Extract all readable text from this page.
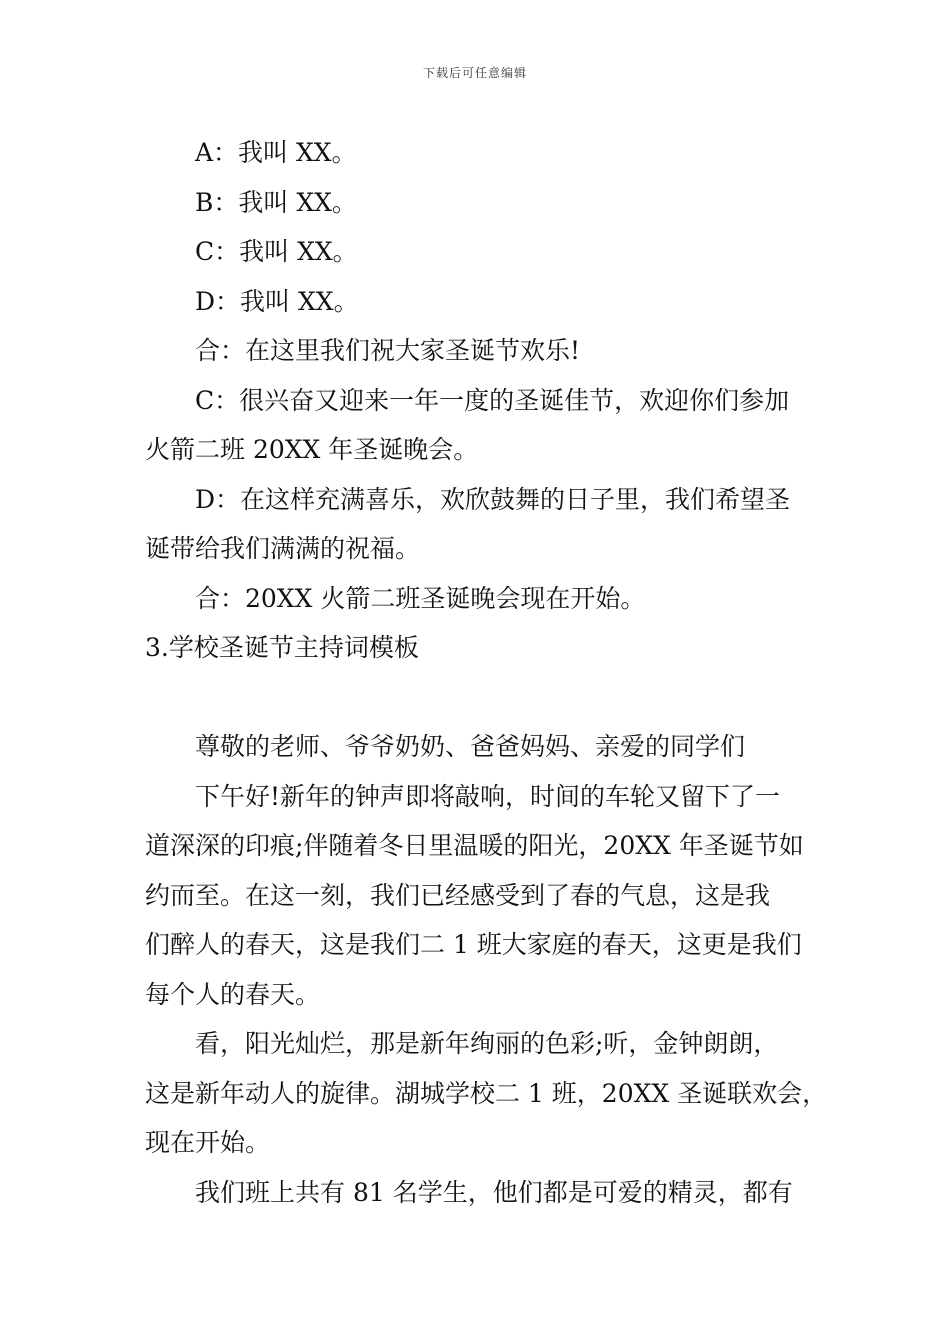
下载后可任意编辑
A：我叫 XX。
B：我叫 XX。
C：我叫 XX。
D：我叫 XX。
合：在这里我们祝大家圣诞节欢乐!
C：很兴奋又迎来一年一度的圣诞佳节，欢迎你们参加
火箭二班 20XX 年圣诞晚会。
D：在这样充满喜乐，欢欣鼓舞的日子里，我们希望圣
诞带给我们满满的祝福。
合：20XX 火箭二班圣诞晚会现在开始。
3.学校圣诞节主持词模板
尊敬的老师、爷爷奶奶、爸爸妈妈、亲爱的同学们
下午好!新年的钟声即将敲响，时间的车轮又留下了一
道深深的印痕;伴随着冬日里温暖的阳光，20XX 年圣诞节如
约而至。在这一刻，我们已经感受到了春的气息，这是我
们醉人的春天，这是我们二 1 班大家庭的春天，这更是我们
每个人的春天。
看，阳光灿烂，那是新年绚丽的色彩;听，金钟朗朗，
这是新年动人的旋律。湖城学校二 1 班，20XX 圣诞联欢会，
现在开始。
我们班上共有 81 名学生，他们都是可爱的精灵，都有
